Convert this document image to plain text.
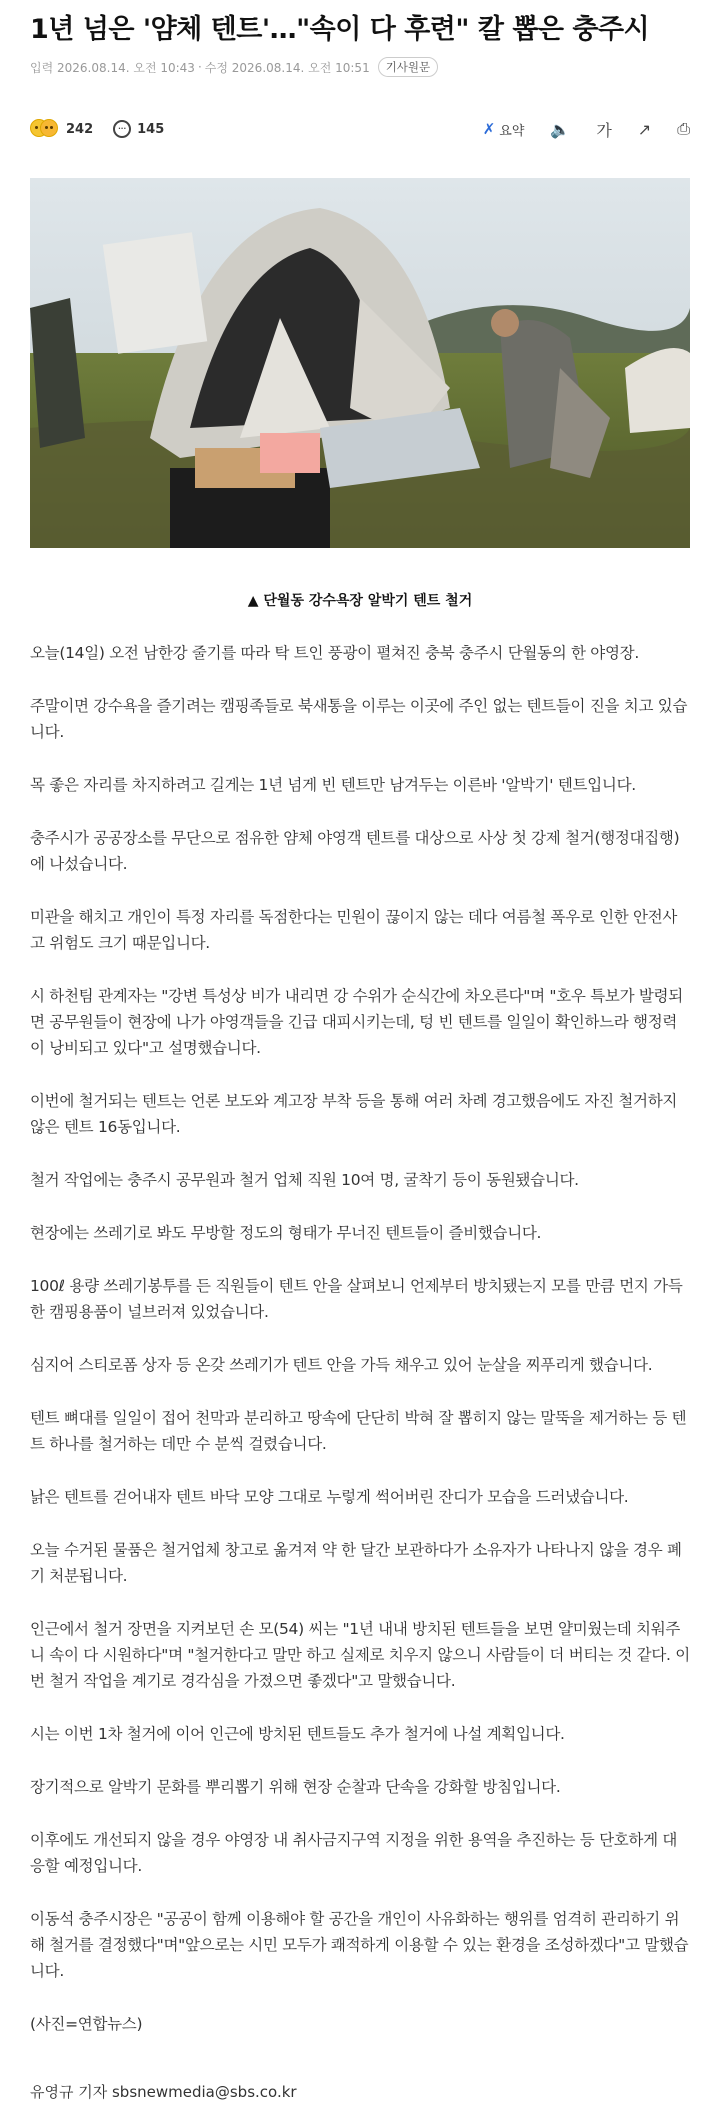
1년 넘은 '얌체 텐트'…"속이 다 후련" 칼 뽑은 충주시
입력
2026.08.14. 오전 10:43 · 수정
2026.08.14. 오전 10:51	기사원문
242	··· 145	✗ 요약 🔈 가 ↗ ⎙
▲ 단월동 강수욕장 알박기 텐트 철거

오늘(14일) 오전 남한강 줄기를 따라 탁 트인 풍광이 펼쳐진 충북 충주시 단월동의 한 야영장.

주말이면 강수욕을 즐기려는 캠핑족들로 북새통을 이루는 이곳에 주인 없는 텐트들이 진을 치고 있습니다.

목 좋은 자리를 차지하려고 길게는 1년 넘게 빈 텐트만 남겨두는 이른바 '알박기' 텐트입니다.

충주시가 공공장소를 무단으로 점유한 얌체 야영객 텐트를 대상으로 사상 첫 강제 철거(행정대집행)에 나섰습니다.

미관을 해치고 개인이 특정 자리를 독점한다는 민원이 끊이지 않는 데다 여름철 폭우로 인한 안전사고 위험도 크기 때문입니다.

시 하천팀 관계자는 "강변 특성상 비가 내리면 강 수위가 순식간에 차오른다"며 "호우 특보가 발령되면 공무원들이 현장에 나가 야영객들을 긴급 대피시키는데, 텅 빈 텐트를 일일이 확인하느라 행정력이 낭비되고 있다"고 설명했습니다.

이번에 철거되는 텐트는 언론 보도와 계고장 부착 등을 통해 여러 차례 경고했음에도 자진 철거하지 않은 텐트 16동입니다.

철거 작업에는 충주시 공무원과 철거 업체 직원 10여 명, 굴착기 등이 동원됐습니다.

현장에는 쓰레기로 봐도 무방할 정도의 형태가 무너진 텐트들이 즐비했습니다.

100ℓ 용량 쓰레기봉투를 든 직원들이 텐트 안을 살펴보니 언제부터 방치됐는지 모를 만큼 먼지 가득한 캠핑용품이 널브러져 있었습니다.

심지어 스티로폼 상자 등 온갖 쓰레기가 텐트 안을 가득 채우고 있어 눈살을 찌푸리게 했습니다.

텐트 뼈대를 일일이 접어 천막과 분리하고 땅속에 단단히 박혀 잘 뽑히지 않는 말뚝을 제거하는 등 텐트 하나를 철거하는 데만 수 분씩 걸렸습니다.

낡은 텐트를 걷어내자 텐트 바닥 모양 그대로 누렇게 썩어버린 잔디가 모습을 드러냈습니다.

오늘 수거된 물품은 철거업체 창고로 옮겨져 약 한 달간 보관하다가 소유자가 나타나지 않을 경우 폐기 처분됩니다.

인근에서 철거 장면을 지켜보던 손 모(54) 씨는 "1년 내내 방치된 텐트들을 보면 얄미웠는데 치워주니 속이 다 시원하다"며 "철거한다고 말만 하고 실제로 치우지 않으니 사람들이 더 버티는 것 같다. 이번 철거 작업을 계기로 경각심을 가졌으면 좋겠다"고 말했습니다.

시는 이번 1차 철거에 이어 인근에 방치된 텐트들도 추가 철거에 나설 계획입니다.

장기적으로 알박기 문화를 뿌리뽑기 위해 현장 순찰과 단속을 강화할 방침입니다.

이후에도 개선되지 않을 경우 야영장 내 취사금지구역 지정을 위한 용역을 추진하는 등 단호하게 대응할 예정입니다.

이동석 충주시장은 "공공이 함께 이용해야 할 공간을 개인이 사유화하는 행위를 엄격히 관리하기 위해 철거를 결정했다"며"앞으로는 시민 모두가 쾌적하게 이용할 수 있는 환경을 조성하겠다"고 말했습니다.

(사진=연합뉴스)

유영규 기자 sbsnewmedia@sbs.co.kr
